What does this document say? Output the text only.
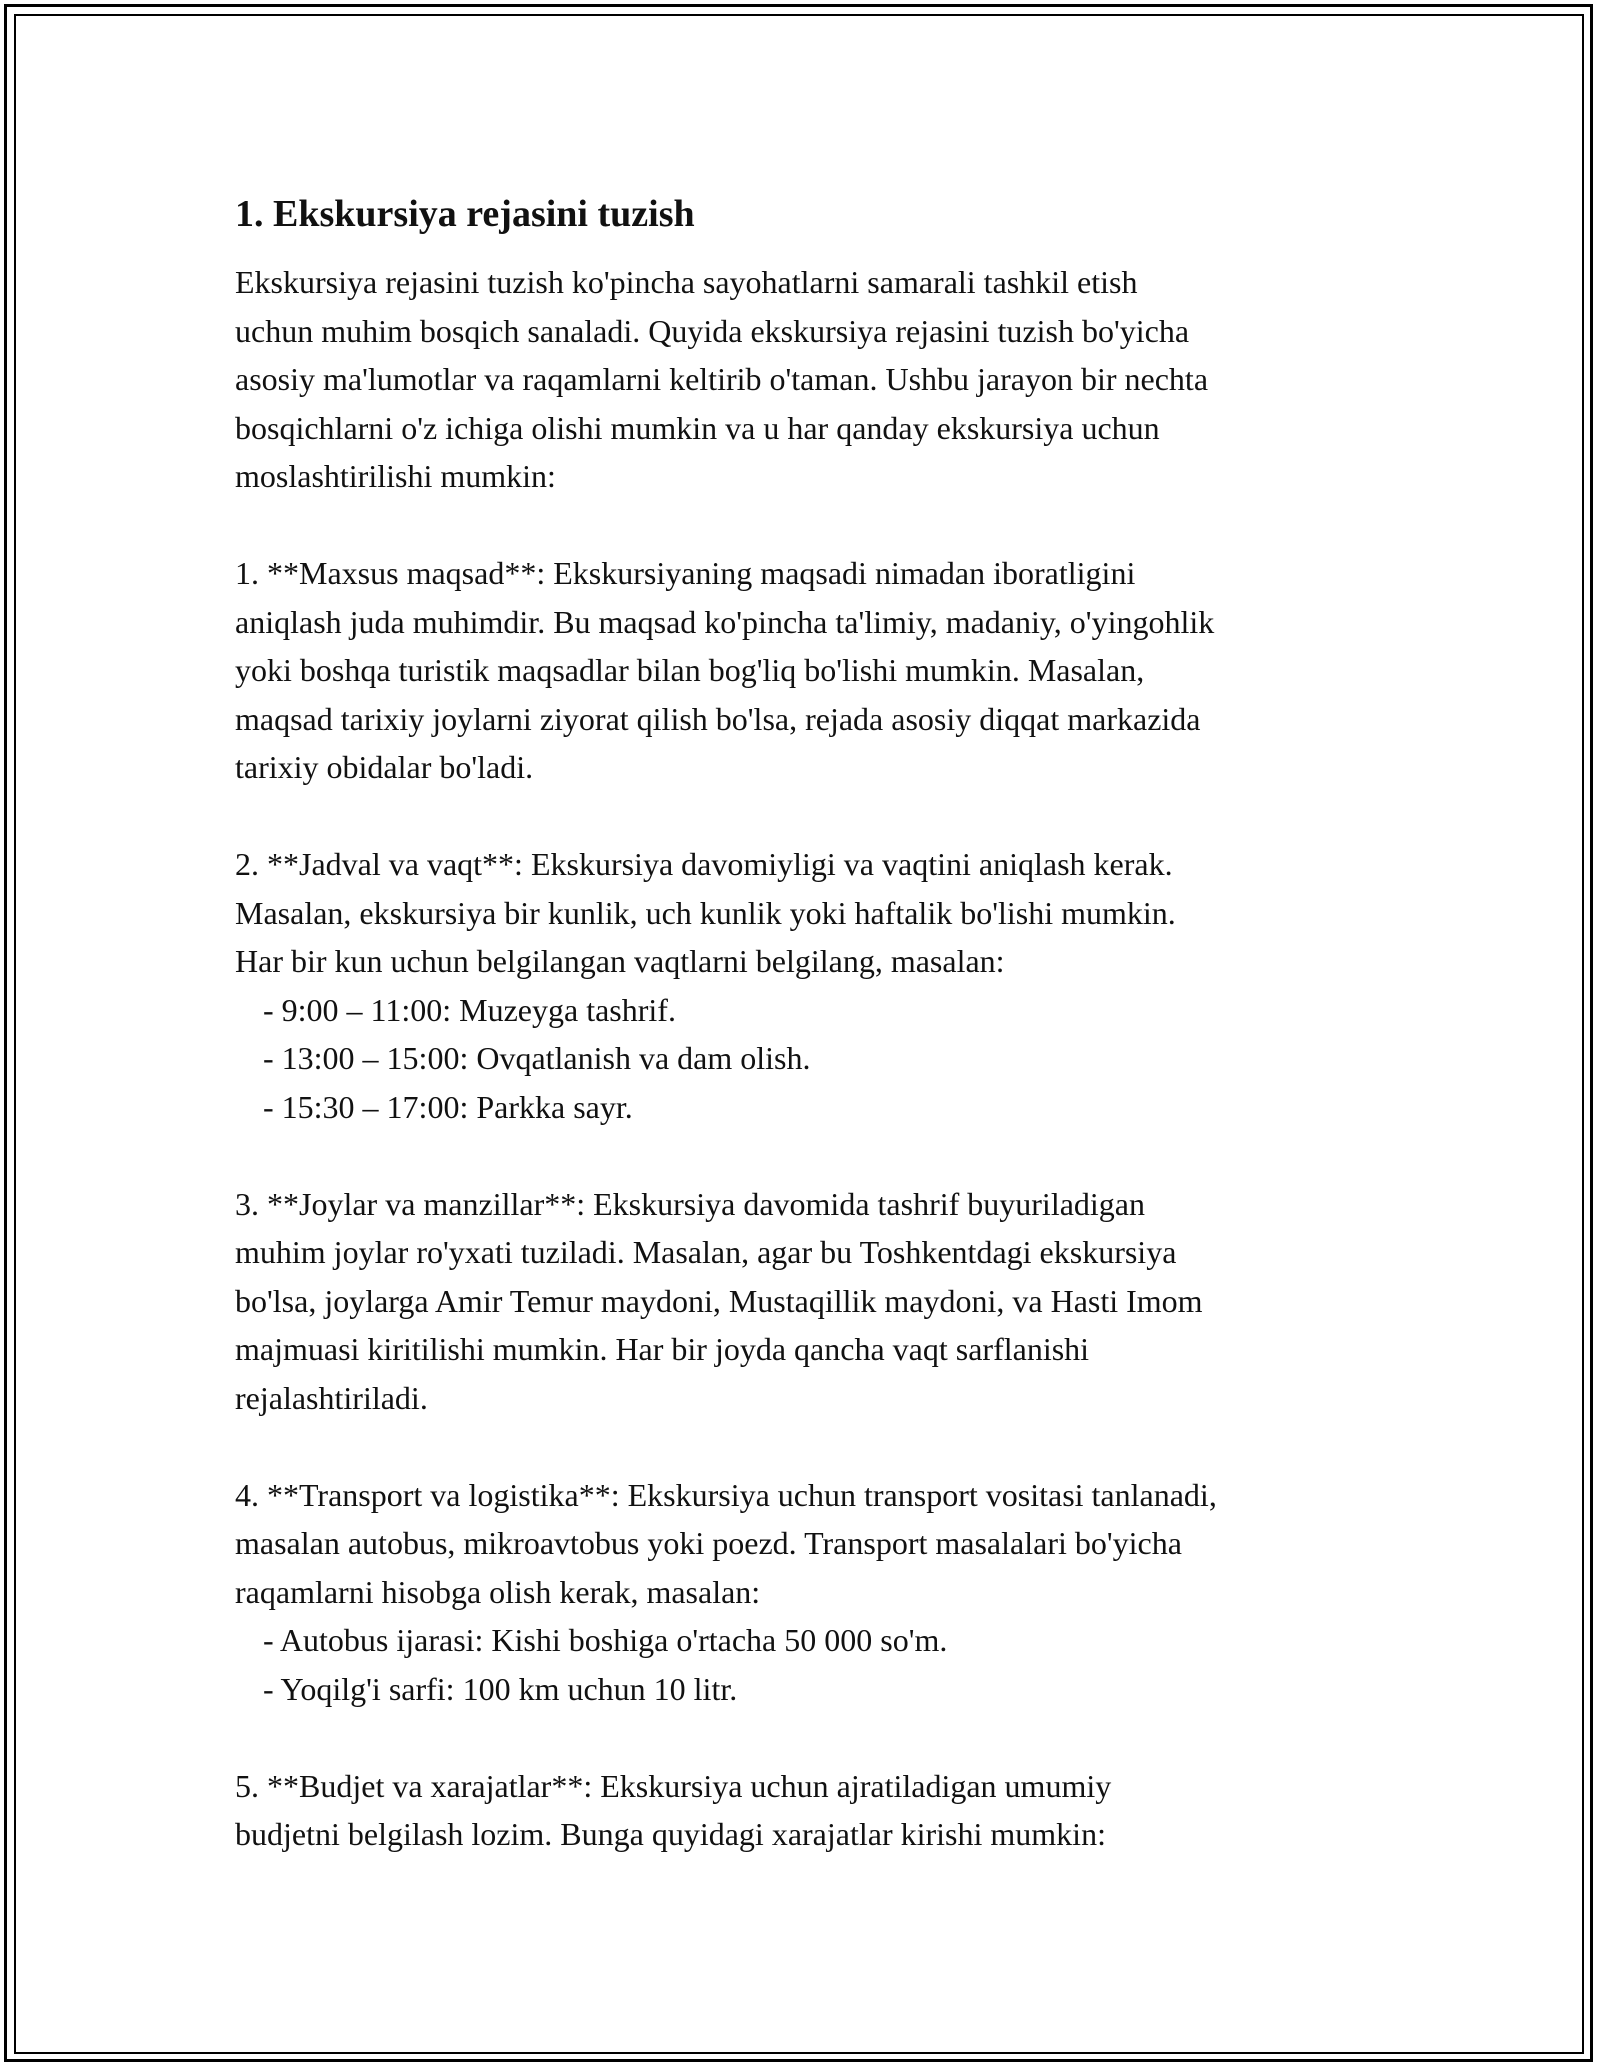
1. Ekskursiya rejasini tuzish

Ekskursiya rejasini tuzish ko'pincha sayohatlarni samarali tashkil etish
uchun muhim bosqich sanaladi. Quyida ekskursiya rejasini tuzish bo'yicha
asosiy ma'lumotlar va raqamlarni keltirib o'taman. Ushbu jarayon bir nechta
bosqichlarni o'z ichiga olishi mumkin va u har qanday ekskursiya uchun
moslashtirilishi mumkin:

1. **Maxsus maqsad**: Ekskursiyaning maqsadi nimadan iboratligini
aniqlash juda muhimdir. Bu maqsad ko'pincha ta'limiy, madaniy, o'yingohlik
yoki boshqa turistik maqsadlar bilan bog'liq bo'lishi mumkin. Masalan,
maqsad tarixiy joylarni ziyorat qilish bo'lsa, rejada asosiy diqqat markazida
tarixiy obidalar bo'ladi.

2. **Jadval va vaqt**: Ekskursiya davomiyligi va vaqtini aniqlash kerak.
Masalan, ekskursiya bir kunlik, uch kunlik yoki haftalik bo'lishi mumkin.
Har bir kun uchun belgilangan vaqtlarni belgilang, masalan:

- 9:00 – 11:00: Muzeyga tashrif.

- 13:00 – 15:00: Ovqatlanish va dam olish.

- 15:30 – 17:00: Parkka sayr.

3. **Joylar va manzillar**: Ekskursiya davomida tashrif buyuriladigan
muhim joylar ro'yxati tuziladi. Masalan, agar bu Toshkentdagi ekskursiya
bo'lsa, joylarga Amir Temur maydoni, Mustaqillik maydoni, va Hasti Imom
majmuasi kiritilishi mumkin. Har bir joyda qancha vaqt sarflanishi
rejalashtiriladi.

4. **Transport va logistika**: Ekskursiya uchun transport vositasi tanlanadi,
masalan autobus, mikroavtobus yoki poezd. Transport masalalari bo'yicha
raqamlarni hisobga olish kerak, masalan:

- Autobus ijarasi: Kishi boshiga o'rtacha 50 000 so'm.

- Yoqilg'i sarfi: 100 km uchun 10 litr.

5. **Budjet va xarajatlar**: Ekskursiya uchun ajratiladigan umumiy
budjetni belgilash lozim. Bunga quyidagi xarajatlar kirishi mumkin:
